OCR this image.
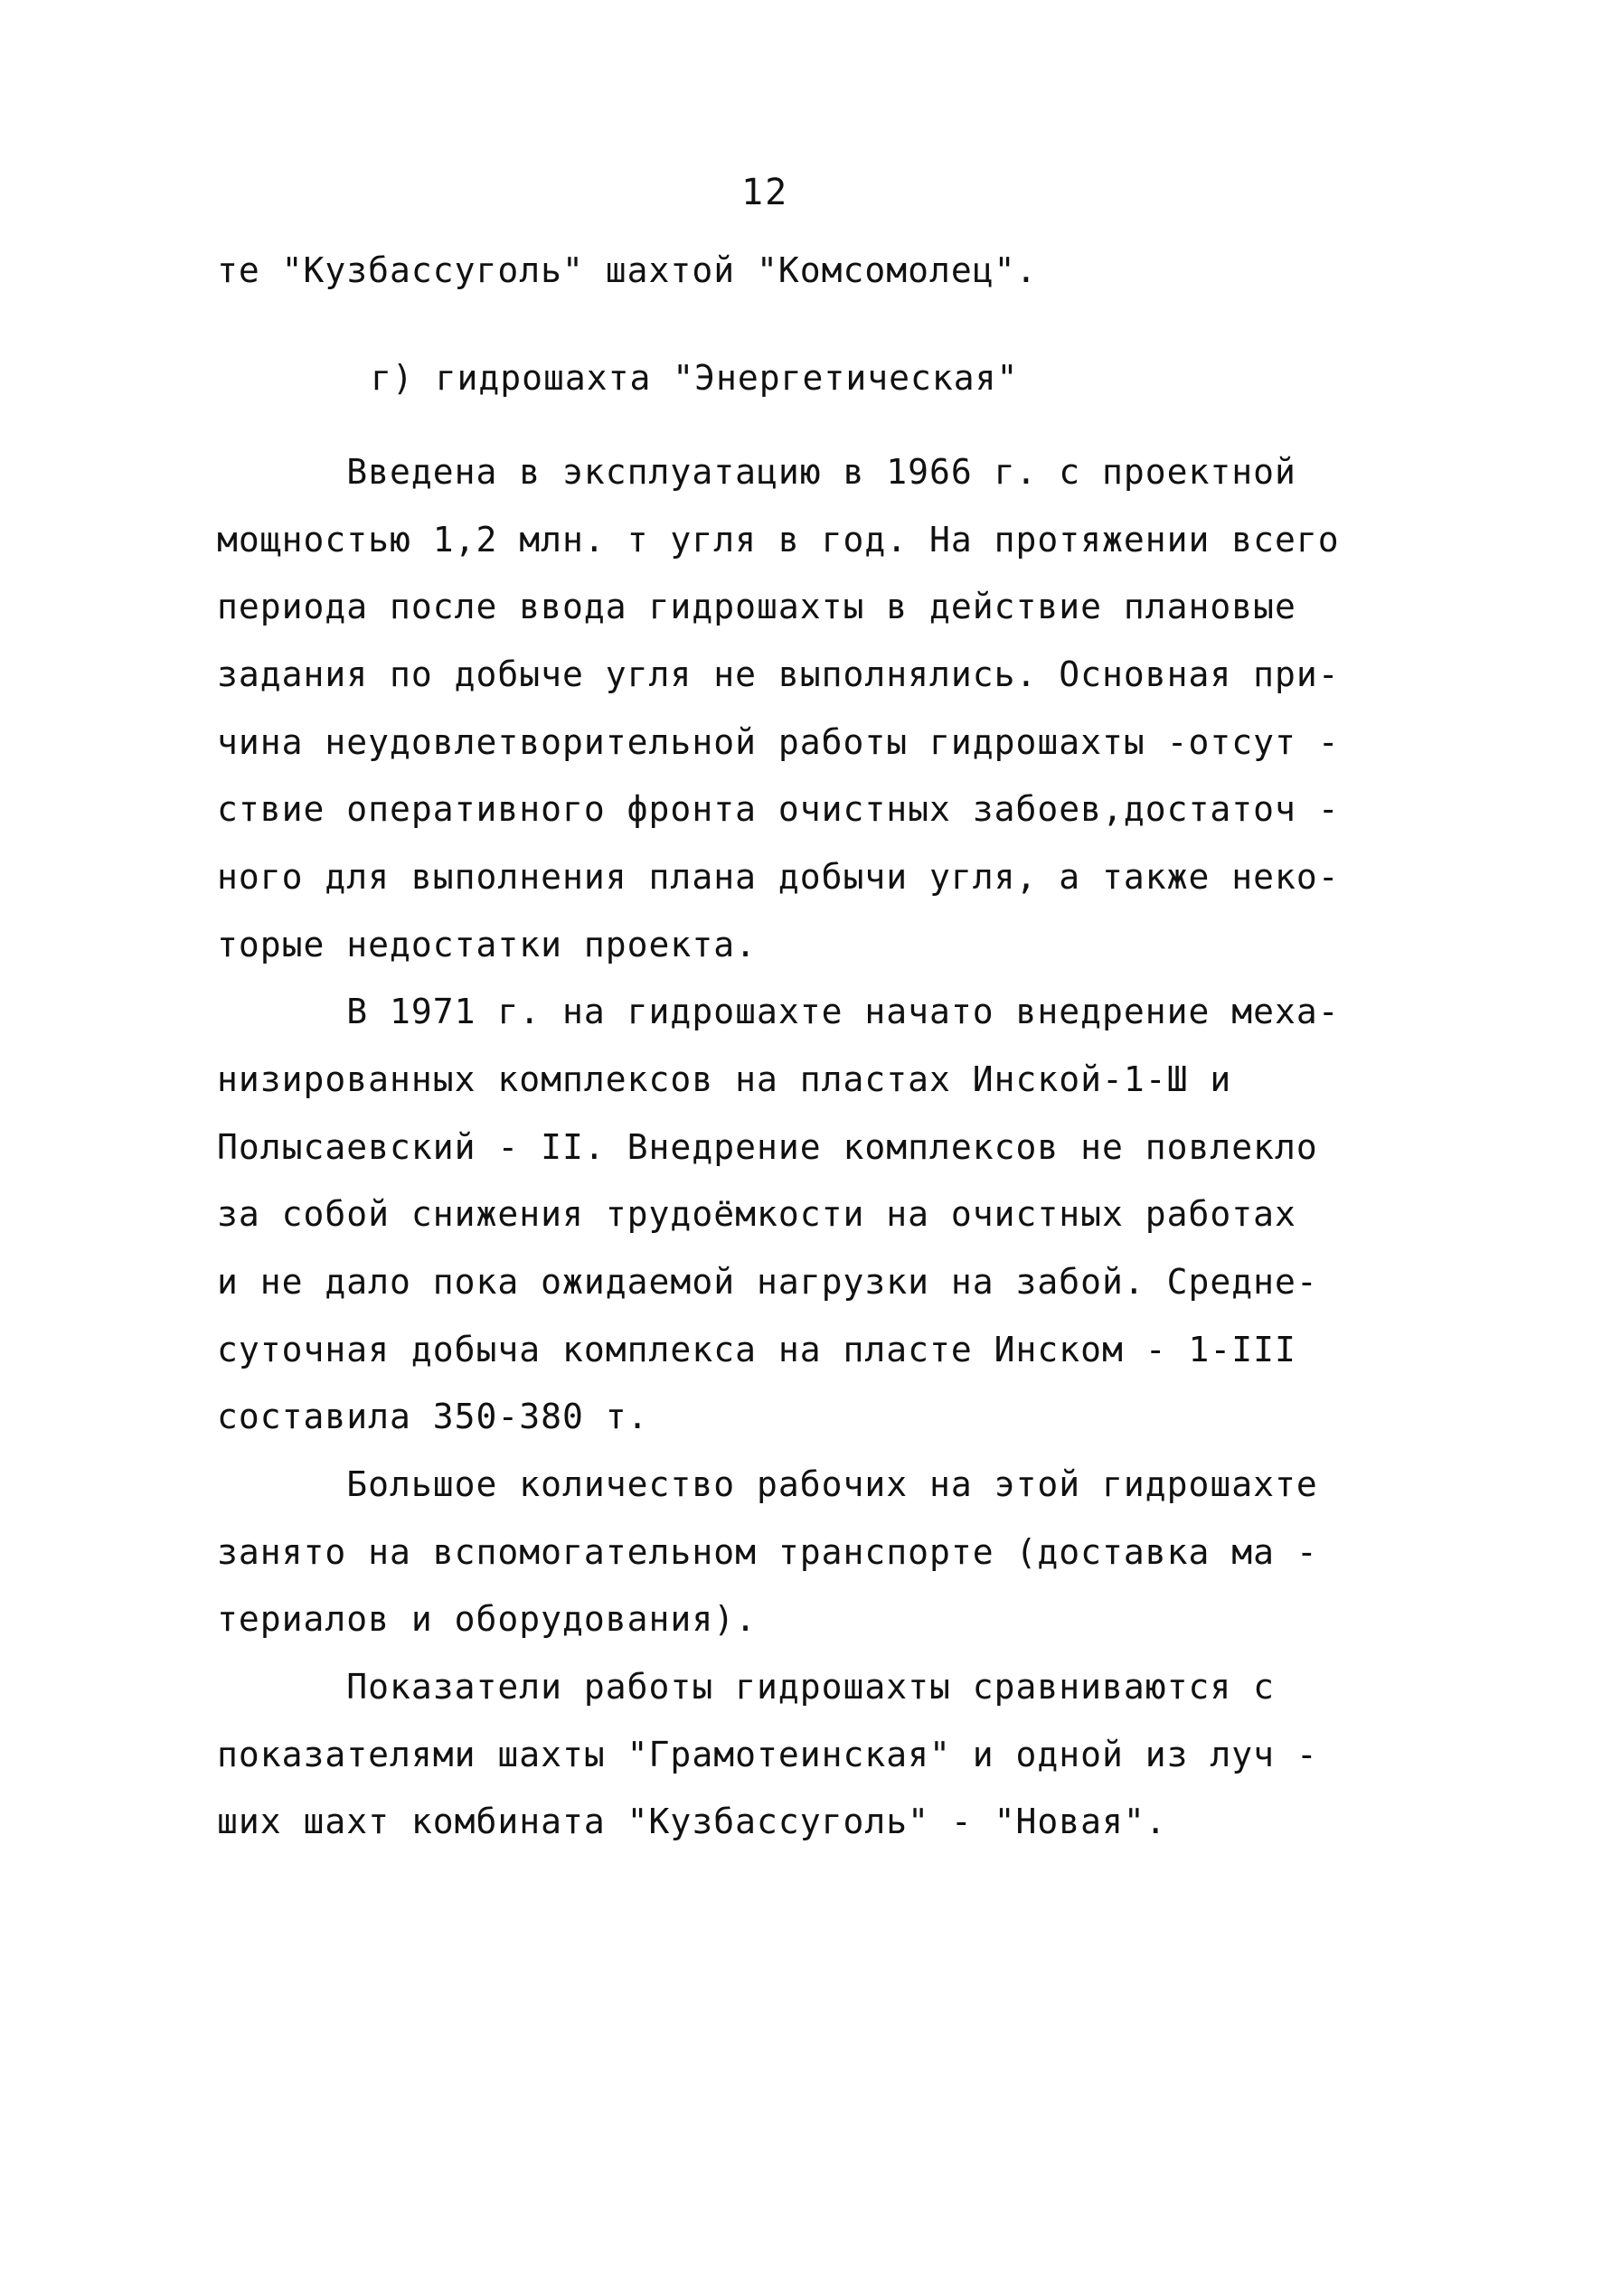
12
те "Кузбассуголь" шахтой "Комсомолец".
г) гидрошахта "Энергетическая"
Введена в эксплуатацию в 1966 г. с проектной
мощностью 1,2 млн. т угля в год. На протяжении всего
периода после ввода гидрошахты в действие плановые
задания по добыче угля не выполнялись. Основная при-
чина неудовлетворительной работы гидрошахты -отсут -
ствие оперативного фронта очистных забоев,достаточ -
ного для выполнения плана добычи угля, а также неко-
торые недостатки проекта.
В 1971 г. на гидрошахте начато внедрение меха-
низированных комплексов на пластах Инской-1-Ш и
Полысаевский - II. Внедрение комплексов не повлекло
за собой снижения трудоёмкости на очистных работах
и не дало пока ожидаемой нагрузки на забой. Средне-
суточная добыча комплекса на пласте Инском - 1-III
составила 350-380 т.
Большое количество рабочих на этой гидрошахте
занято на вспомогательном транспорте (доставка ма -
териалов и оборудования).
Показатели работы гидрошахты сравниваются с
показателями шахты "Грамотеинская" и одной из луч -
ших шахт комбината "Кузбассуголь" - "Новая".
